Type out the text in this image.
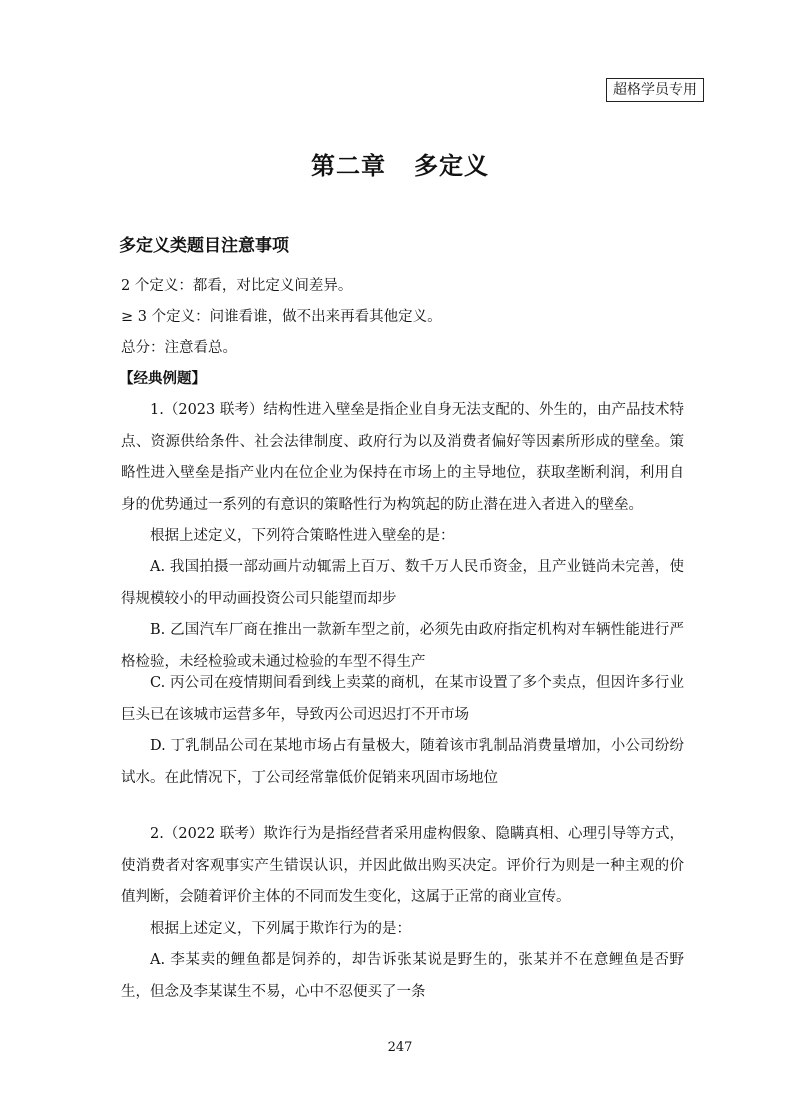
超格学员专用
第二章 多定义
多定义类题目注意事项
2 个定义：都看，对比定义间差异。
≥ 3 个定义：问谁看谁，做不出来再看其他定义。
总分：注意看总。
【经典例题】

1.（2023 联考）结构性进入壁垒是指企业自身无法支配的、外生的，由产品技术特点、资源供给条件、社会法律制度、政府行为以及消费者偏好等因素所形成的壁垒。策略性进入壁垒是指产业内在位企业为保持在市场上的主导地位，获取垄断利润，利用自身的优势通过一系列的有意识的策略性行为构筑起的防止潜在进入者进入的壁垒。

根据上述定义，下列符合策略性进入壁垒的是：

A. 我国拍摄一部动画片动辄需上百万、数千万人民币资金，且产业链尚未完善，使得规模较小的甲动画投资公司只能望而却步

B. 乙国汽车厂商在推出一款新车型之前，必须先由政府指定机构对车辆性能进行严格检验，未经检验或未通过检验的车型不得生产

C. 丙公司在疫情期间看到线上卖菜的商机，在某市设置了多个卖点，但因许多行业巨头已在该城市运营多年，导致丙公司迟迟打不开市场

D. 丁乳制品公司在某地市场占有量极大，随着该市乳制品消费量增加，小公司纷纷试水。在此情况下，丁公司经常靠低价促销来巩固市场地位

2.（2022 联考）欺诈行为是指经营者采用虚构假象、隐瞒真相、心理引导等方式，使消费者对客观事实产生错误认识，并因此做出购买决定。评价行为则是一种主观的价值判断，会随着评价主体的不同而发生变化，这属于正常的商业宣传。

根据上述定义，下列属于欺诈行为的是：

A. 李某卖的鲤鱼都是饲养的，却告诉张某说是野生的，张某并不在意鲤鱼是否野生，但念及李某谋生不易，心中不忍便买了一条

247
